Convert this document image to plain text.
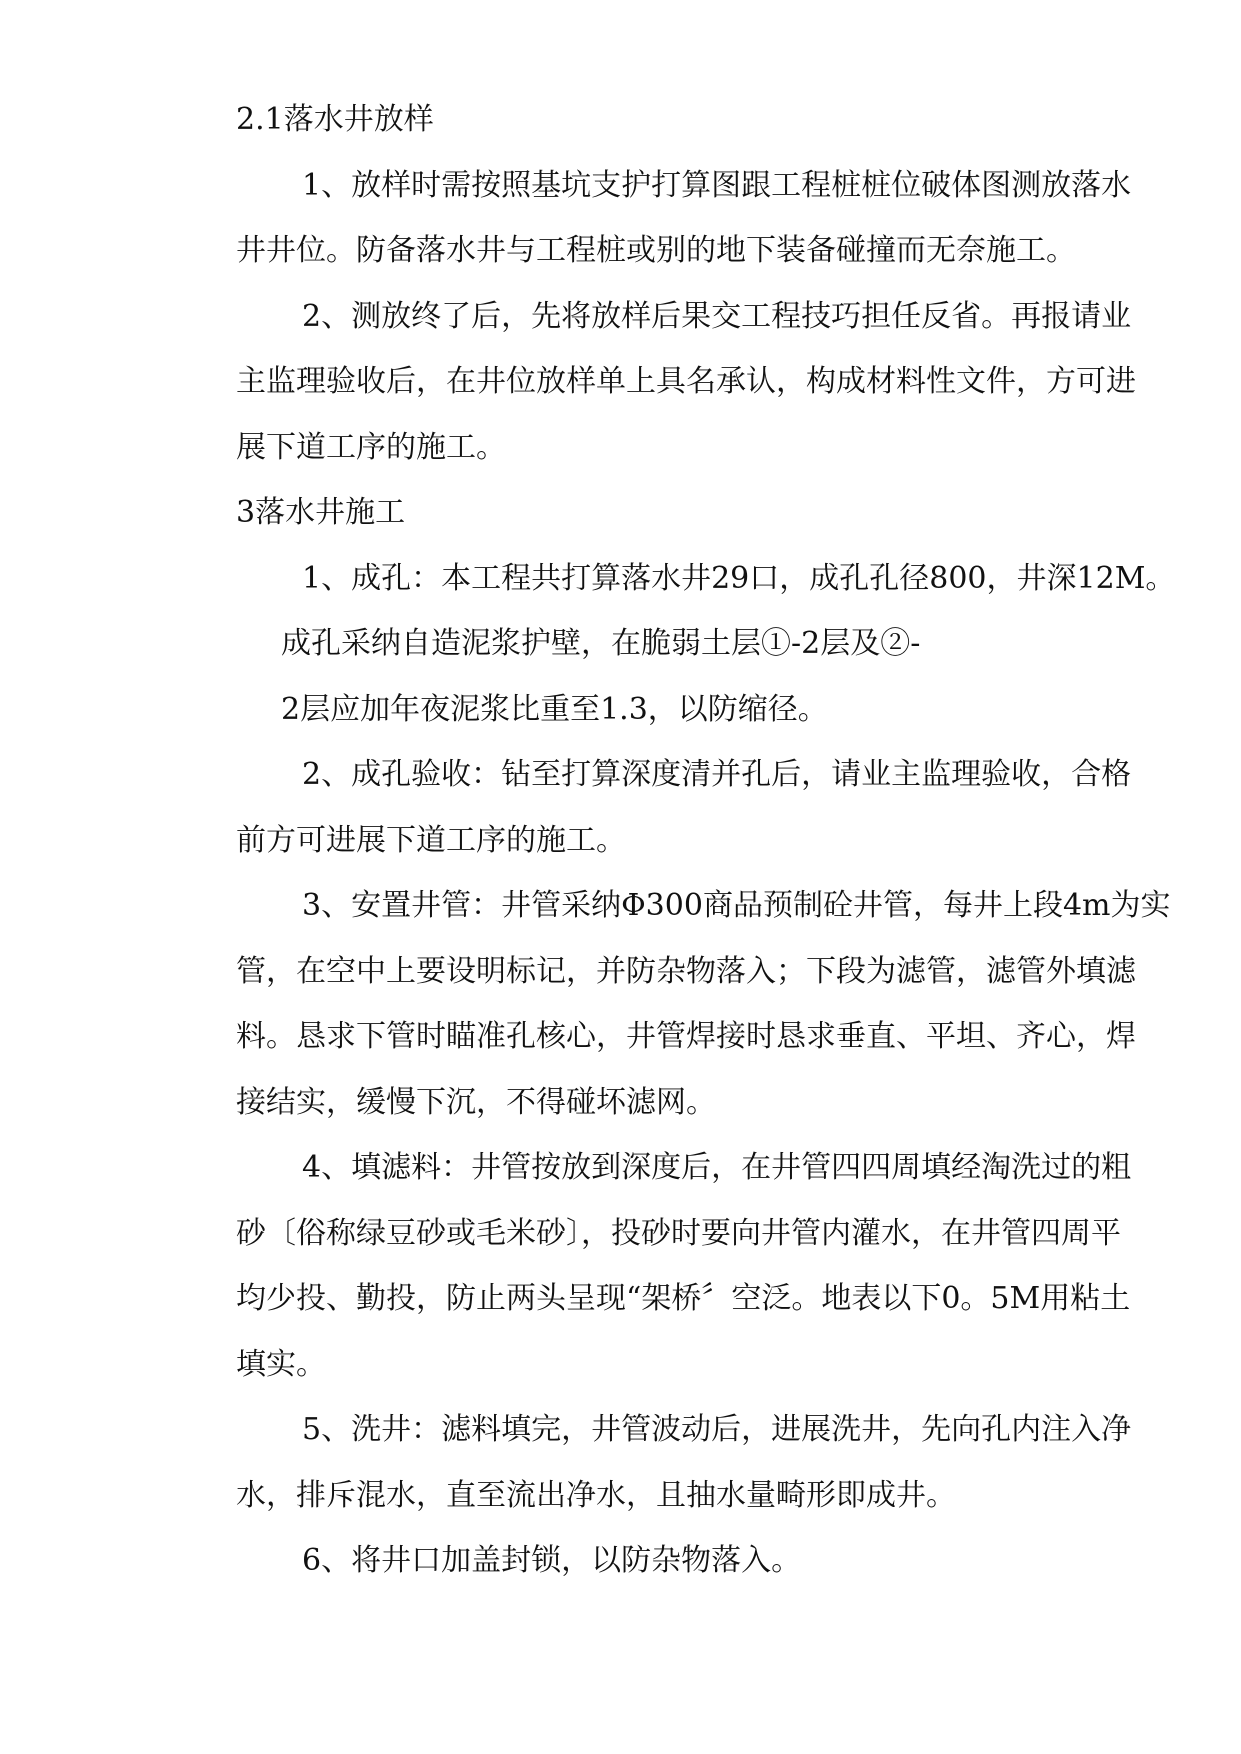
2.1落水井放样
1、放样时需按照基坑支护打算图跟工程桩桩位破体图测放落水
井井位。防备落水井与工程桩或别的地下装备碰撞而无奈施工。
2、测放终了后，先将放样后果交工程技巧担任反省。再报请业
主监理验收后，在井位放样单上具名承认，构成材料性文件，方可进
展下道工序的施工。
3落水井施工
1、成孔：本工程共打算落水井29口，成孔孔径800，井深12M。
成孔采纳自造泥浆护壁，在脆弱土层①-2层及②-
2层应加年夜泥浆比重至1.3，以防缩径。
2、成孔验收：钻至打算深度清并孔后，请业主监理验收，合格
前方可进展下道工序的施工。
3、安置井管：井管采纳Φ300商品预制砼井管，每井上段4m为实
管，在空中上要设明标记，并防杂物落入；下段为滤管，滤管外填滤
料。恳求下管时瞄准孔核心，井管焊接时恳求垂直、平坦、齐心，焊
接结实，缓慢下沉，不得碰坏滤网。
4、填滤料：井管按放到深度后，在井管四四周填经淘洗过的粗
砂〔俗称绿豆砂或毛米砂〕，投砂时要向井管内灌水，在井管四周平
均少投、勤投，防止两头呈现“架桥〞空泛。地表以下0。5M用粘土
填实。
5、洗井：滤料填完，井管波动后，进展洗井，先向孔内注入净
水，排斥混水，直至流出净水，且抽水量畸形即成井。
6、将井口加盖封锁，以防杂物落入。
